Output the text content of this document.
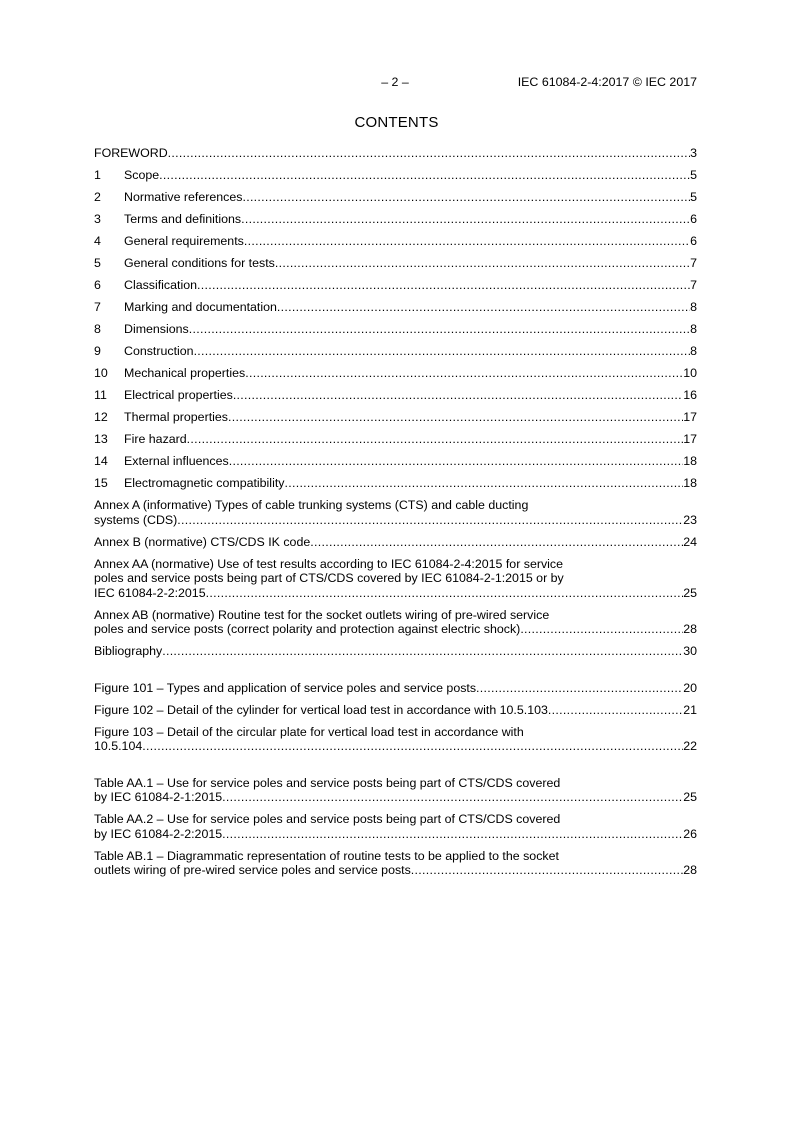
– 2 –	IEC 61084-2-4:2017 © IEC 2017
CONTENTS
FOREWORD .....	3
1 Scope .....	5
2 Normative references .....	5
3 Terms and definitions .....	6
4 General requirements .....	6
5 General conditions for tests .....	7
6 Classification .....	7
7 Marking and documentation .....	8
8 Dimensions .....	8
9 Construction .....	8
10 Mechanical properties .....	10
11 Electrical properties .....	16
12 Thermal properties .....	17
13 Fire hazard .....	17
14 External influences .....	18
15 Electromagnetic compatibility .....	18
Annex A (informative) Types of cable trunking systems (CTS) and cable ducting
systems (CDS) .....	23
Annex B (normative) CTS/CDS IK code .....	24
Annex AA (normative) Use of test results according to IEC 61084-2-4:2015 for service
poles and service posts being part of CTS/CDS covered by IEC 61084-2-1:2015 or by
IEC 61084-2-2:2015 .....	25
Annex AB (normative) Routine test for the socket outlets wiring of pre-wired service
poles and service posts (correct polarity and protection against electric shock) .....	28
Bibliography .....	30
Figure 101 – Types and application of service poles and service posts .....	20
Figure 102 – Detail of the cylinder for vertical load test in accordance with 10.5.103 .....	21
Figure 103 – Detail of the circular plate for vertical load test in accordance with
10.5.104 .....	22
Table AA.1 – Use for service poles and service posts being part of CTS/CDS covered
by IEC 61084-2-1:2015 .....	25
Table AA.2 – Use for service poles and service posts being part of CTS/CDS covered
by IEC 61084-2-2:2015 .....	26
Table AB.1 – Diagrammatic representation of routine tests to be applied to the socket
outlets wiring of pre-wired service poles and service posts .....	28
